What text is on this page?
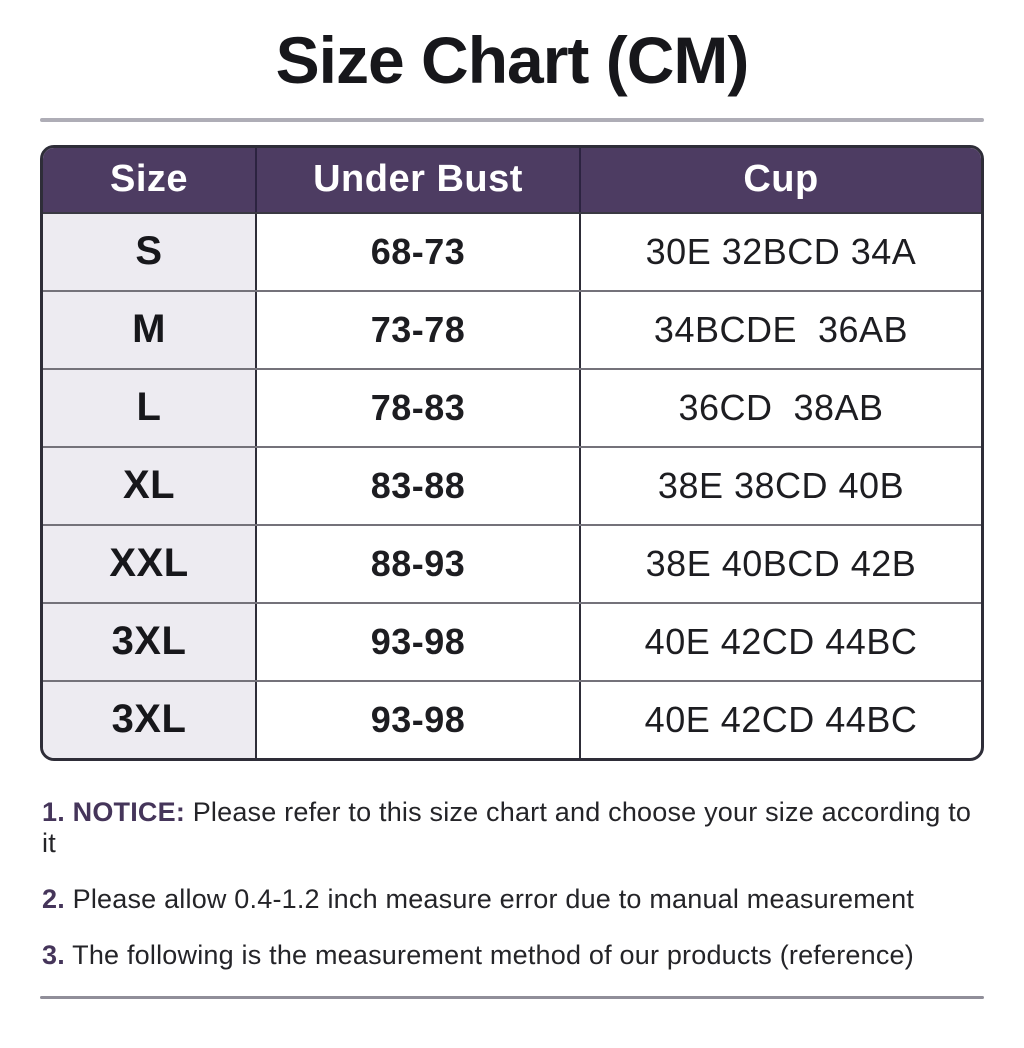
Size Chart (CM)
Size	Under Bust	Cup
S	68-73	30E 32BCD 34A
M	73-78	34BCDE  36AB
L	78-83	36CD  38AB
XL	83-88	38E 38CD 40B
XXL	88-93	38E 40BCD 42B
3XL	93-98	40E 42CD 44BC
3XL	93-98	40E 42CD 44BC
1. NOTICE: Please refer to this size chart and choose your size according to it
2. Please allow 0.4-1.2 inch measure error due to manual measurement
3. The following is the measurement method of our products (reference)
